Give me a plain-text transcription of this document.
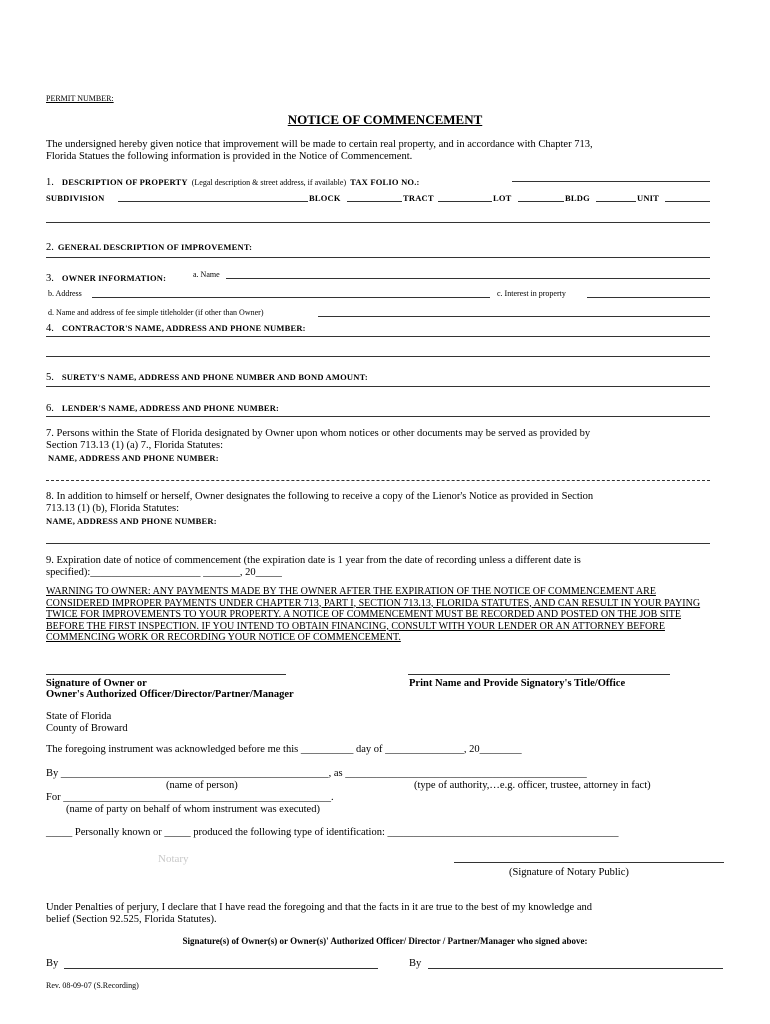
PERMIT NUMBER:
NOTICE OF COMMENCEMENT
The undersigned hereby given notice that improvement will be made to certain real property, and in accordance with Chapter 713,
Florida Statues the following information is provided in the Notice of Commencement.
1. DESCRIPTION OF PROPERTY (Legal description & street address, if available) TAX FOLIO NO.:
SUBDIVISION	BLOCK	TRACT	LOT	BLDG	UNIT
2. GENERAL DESCRIPTION OF IMPROVEMENT:
3. OWNER INFORMATION:	a. Name
b. Address	c. Interest in property
d. Name and address of fee simple titleholder (if other than Owner)
4. CONTRACTOR'S NAME, ADDRESS AND PHONE NUMBER:
5. SURETY'S NAME, ADDRESS AND PHONE NUMBER AND BOND AMOUNT:
6. LENDER'S NAME, ADDRESS AND PHONE NUMBER:
7. Persons within the State of Florida designated by Owner upon whom notices or other documents may be served as provided by
Section 713.13 (1) (a) 7., Florida Statutes:
NAME, ADDRESS AND PHONE NUMBER:
8. In addition to himself or herself, Owner designates the following to receive a copy of the Lienor's Notice as provided in Section
713.13 (1) (b), Florida Statutes:
NAME, ADDRESS AND PHONE NUMBER:
9. Expiration date of notice of commencement (the expiration date is 1 year from the date of recording unless a different date is
specified):_____________________ _______, 20_____
WARNING TO OWNER: ANY PAYMENTS MADE BY THE OWNER AFTER THE EXPIRATION OF THE NOTICE OF COMMENCEMENT ARE CONSIDERED IMPROPER PAYMENTS UNDER CHAPTER 713, PART I, SECTION 713.13, FLORIDA STATUTES, AND CAN RESULT IN YOUR PAYING TWICE FOR IMPROVEMENTS TO YOUR PROPERTY. A NOTICE OF COMMENCEMENT MUST BE RECORDED AND POSTED ON THE JOB SITE BEFORE THE FIRST INSPECTION. IF YOU INTEND TO OBTAIN FINANCING, CONSULT WITH YOUR LENDER OR AN ATTORNEY BEFORE COMMENCING WORK OR RECORDING YOUR NOTICE OF COMMENCEMENT.
Signature of Owner or
Owner's Authorized Officer/Director/Partner/Manager
Print Name and Provide Signatory's Title/Office
State of Florida
County of Broward
The foregoing instrument was acknowledged before me this __________ day of _______________, 20________
By ___________________________________________________, as ______________________________________________
(name of person)	(type of authority,…e.g. officer, trustee, attorney in fact)
For ___________________________________________________.
(name of party on behalf of whom instrument was executed)
_____ Personally known or _____ produced the following type of identification: ____________________________________________
Notary
(Signature of Notary Public)
Under Penalties of perjury, I declare that I have read the foregoing and that the facts in it are true to the best of my knowledge and
belief (Section 92.525, Florida Statutes).
Signature(s) of Owner(s) or Owner(s)' Authorized Officer/ Director / Partner/Manager who signed above:
By	By
Rev. 08-09-07 (S.Recording)
